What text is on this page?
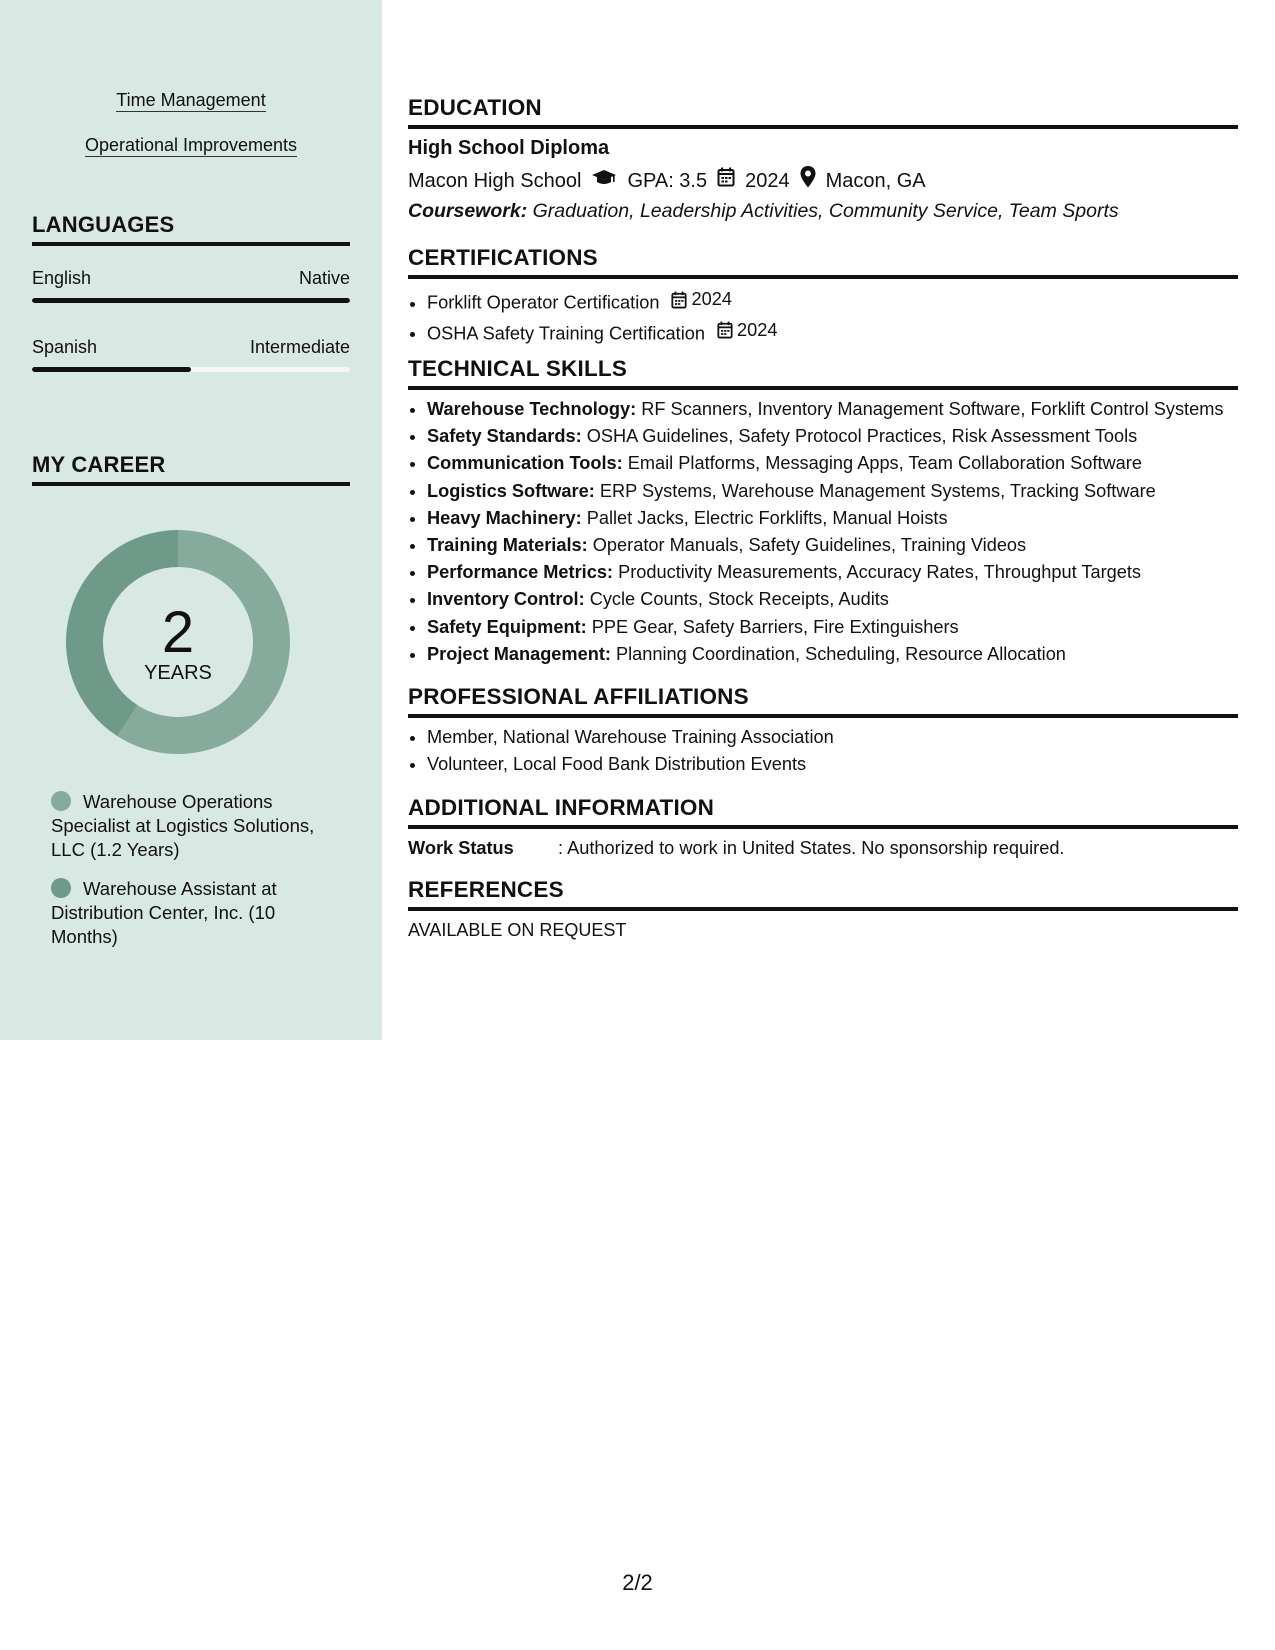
Time Management
Operational Improvements
LANGUAGES
English	Native
Spanish	Intermediate
MY CAREER
2
YEARS
Warehouse Operations Specialist at Logistics Solutions, LLC (1.2 Years)
Warehouse Assistant at Distribution Center, Inc. (10 Months)
EDUCATION
High School Diploma
Macon High School GPA: 3.5 2024 Macon, GA
Coursework: Graduation, Leadership Activities, Community Service, Team Sports
CERTIFICATIONS
• Forklift Operator Certification 2024
• OSHA Safety Training Certification 2024
TECHNICAL SKILLS
• Warehouse Technology: RF Scanners, Inventory Management Software, Forklift Control Systems
• Safety Standards: OSHA Guidelines, Safety Protocol Practices, Risk Assessment Tools
• Communication Tools: Email Platforms, Messaging Apps, Team Collaboration Software
• Logistics Software: ERP Systems, Warehouse Management Systems, Tracking Software
• Heavy Machinery: Pallet Jacks, Electric Forklifts, Manual Hoists
• Training Materials: Operator Manuals, Safety Guidelines, Training Videos
• Performance Metrics: Productivity Measurements, Accuracy Rates, Throughput Targets
• Inventory Control: Cycle Counts, Stock Receipts, Audits
• Safety Equipment: PPE Gear, Safety Barriers, Fire Extinguishers
• Project Management: Planning Coordination, Scheduling, Resource Allocation
PROFESSIONAL AFFILIATIONS
• Member, National Warehouse Training Association
• Volunteer, Local Food Bank Distribution Events
ADDITIONAL INFORMATION
Work Status	: Authorized to work in United States. No sponsorship required.
REFERENCES
AVAILABLE ON REQUEST
2/2
